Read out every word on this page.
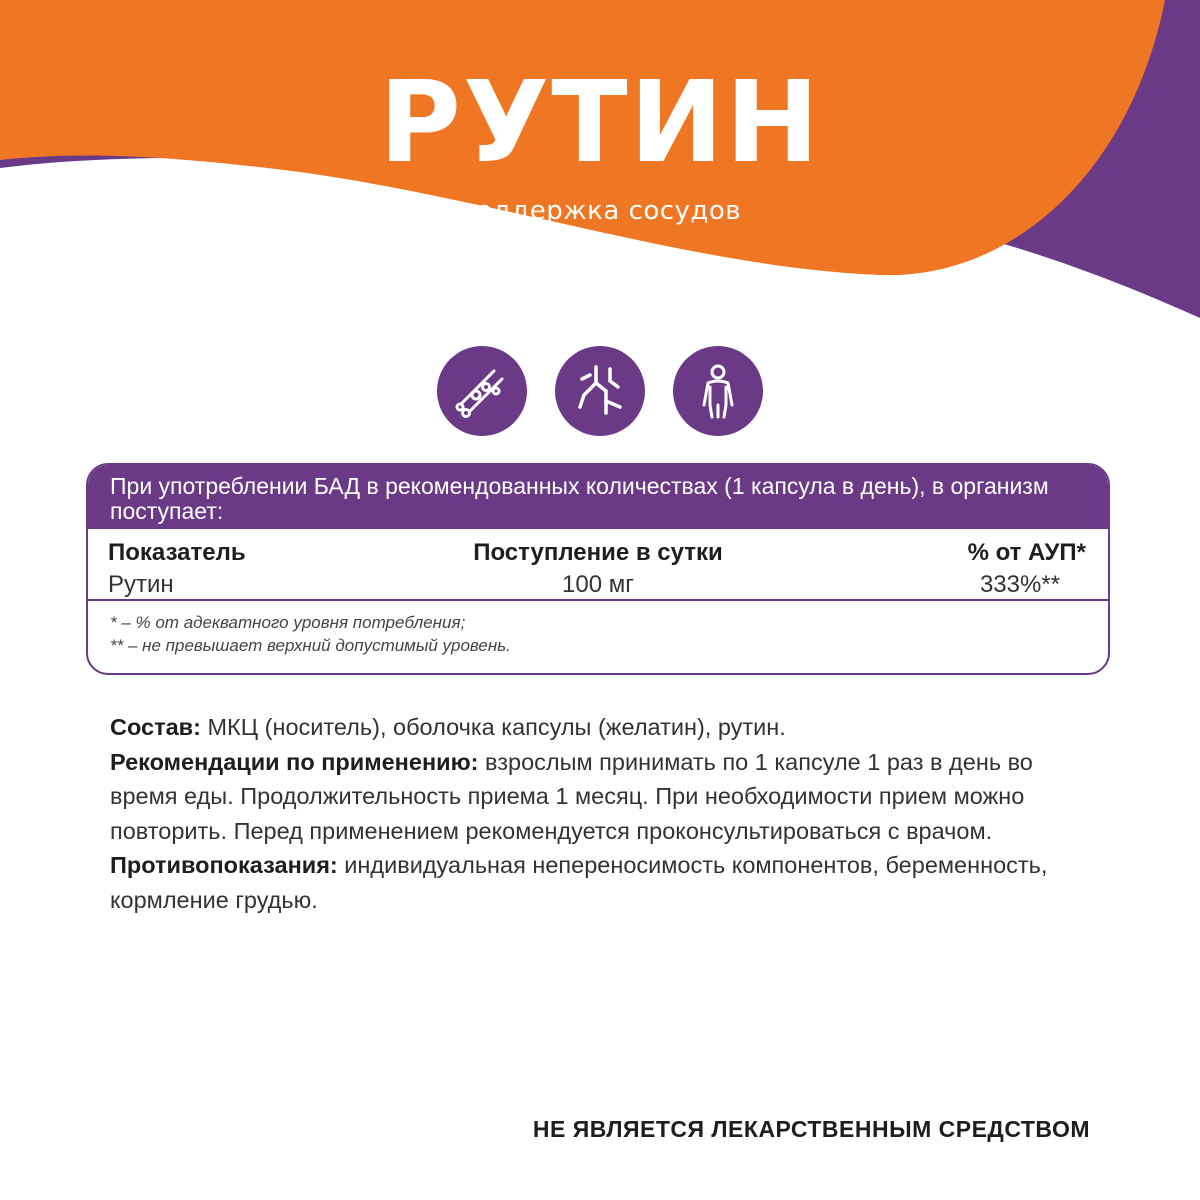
РУТИН
поддержка сосудов
При употреблении БАД в рекомендованных количествах (1 капсула в день), в организм поступает:
Показатель	Поступление в сутки	% от АУП*
Рутин	100 мг	333%**
* – % от адекватного уровня потребления;
** – не превышает верхний допустимый уровень.

Состав: МКЦ (носитель), оболочка капсулы (желатин), рутин.

Рекомендации по применению: взрослым принимать по 1 капсуле 1 раз в день во время еды. Продолжительность приема 1 месяц. При необходимости прием можно повторить. Перед применением рекомендуется проконсультироваться с врачом.

Противопоказания: индивидуальная непереносимость компонентов, беременность, кормление грудью.

НЕ ЯВЛЯЕТСЯ ЛЕКАРСТВЕННЫМ СРЕДСТВОМ
